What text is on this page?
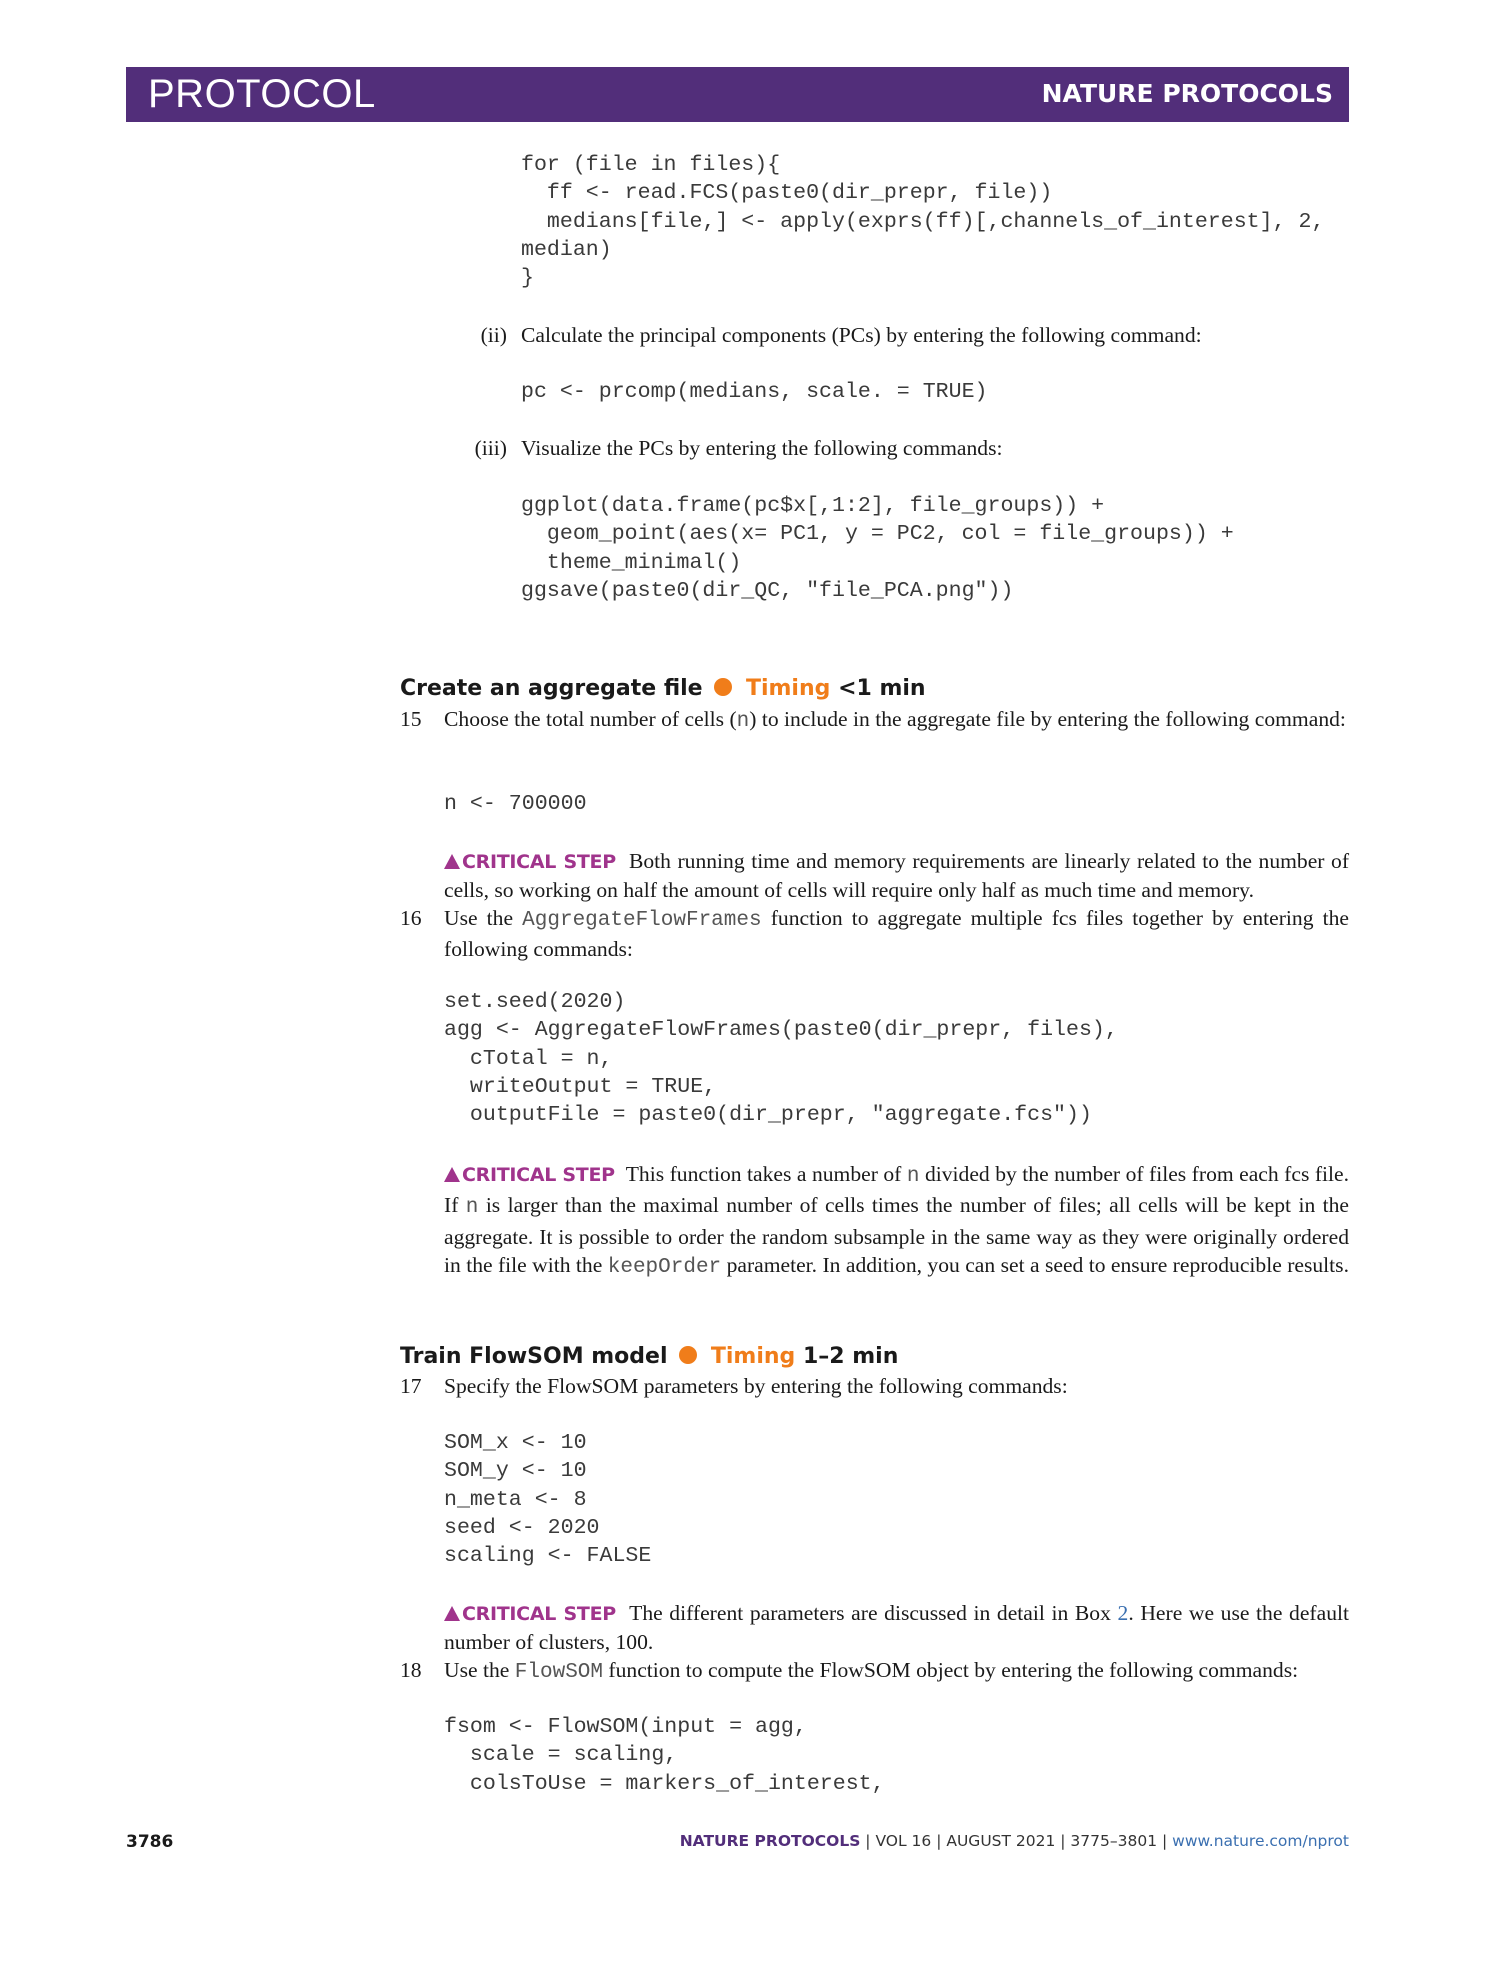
PROTOCOL	NATURE PROTOCOLS
for (file in files){
ff <- read.FCS(paste0(dir_prepr, file))
medians[file,] <- apply(exprs(ff)[,channels_of_interest], 2,
median)
}
(ii) Calculate the principal components (PCs) by entering the following command:

pc <- prcomp(medians, scale. = TRUE)
(iii) Visualize the PCs by entering the following commands:

ggplot(data.frame(pc$x[,1:2], file_groups)) +
geom_point(aes(x= PC1, y = PC2, col = file_groups)) +
theme_minimal()
ggsave(paste0(dir_QC, "file_PCA.png"))
Create an aggregate file Timing <1 min
15 Choose the total number of cells (n) to include in the aggregate file by entering the following command:

n <- 700000

CRITICAL STEP Both running time and memory requirements are linearly related to the number of cells, so working on half the amount of cells will require only half as much time and memory.

16 Use the AggregateFlowFrames function to aggregate multiple fcs files together by entering the following commands:

set.seed(2020)
agg <- AggregateFlowFrames(paste0(dir_prepr, files),
cTotal = n,
writeOutput = TRUE,
outputFile = paste0(dir_prepr, "aggregate.fcs"))

CRITICAL STEP This function takes a number of n divided by the number of files from each fcs file. If n is larger than the maximal number of cells times the number of files; all cells will be kept in the aggregate. It is possible to order the random subsample in the same way as they were originally ordered in the file with the keepOrder parameter. In addition, you can set a seed to ensure reproducible results.

Train FlowSOM model Timing 1–2 min
17 Specify the FlowSOM parameters by entering the following commands:

SOM_x <- 10
SOM_y <- 10
n_meta <- 8
seed <- 2020
scaling <- FALSE

CRITICAL STEP The different parameters are discussed in detail in Box 2. Here we use the default number of clusters, 100.

18 Use the FlowSOM function to compute the FlowSOM object by entering the following commands:

fsom <- FlowSOM(input = agg,
scale = scaling,
colsToUse = markers_of_interest,
3786	NATURE PROTOCOLS | VOL 16 | AUGUST 2021 | 3775–3801 | www.nature.com/nprot
